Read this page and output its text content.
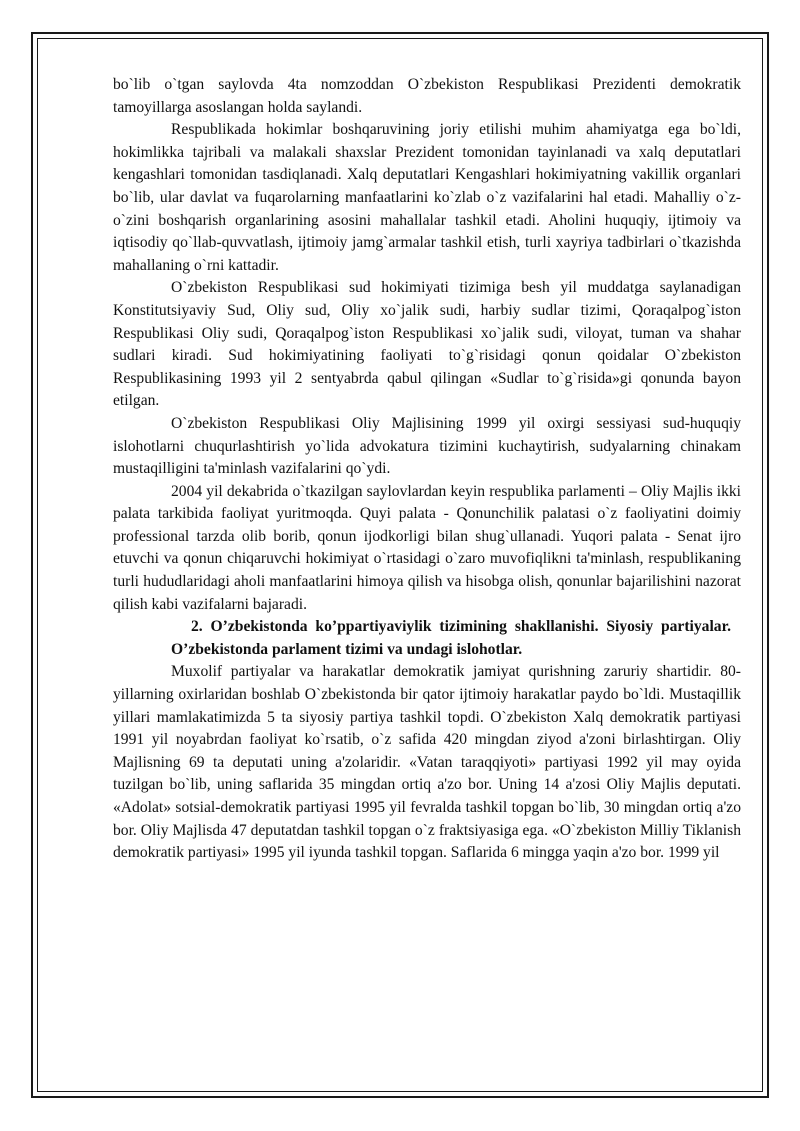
bo`lib o`tgan saylovda 4ta nomzoddan O`zbekiston Respublikasi Prezidenti demokratik tamoyillarga asoslangan holda saylandi.

Respublikada hokimlar boshqaruvining joriy etilishi muhim ahamiyatga ega bo`ldi, hokimlikka tajribali va malakali shaxslar Prezident tomonidan tayinlanadi va xalq deputatlari kengashlari tomonidan tasdiqlanadi. Xalq deputatlari Kengashlari hokimiyatning vakillik organlari bo`lib, ular davlat va fuqarolarning manfaatlarini ko`zlab o`z vazifalarini hal etadi. Mahalliy o`z-o`zini boshqarish organlarining asosini mahallalar tashkil etadi. Aholini huquqiy, ijtimoiy va iqtisodiy qo`llab-quvvatlash, ijtimoiy jamg`armalar tashkil etish, turli xayriya tadbirlari o`tkazishda mahallaning o`rni kattadir.

O`zbekiston Respublikasi sud hokimiyati tizimiga besh yil muddatga saylanadigan Konstitutsiyaviy Sud, Oliy sud, Oliy xo`jalik sudi, harbiy sudlar tizimi, Qoraqalpog`iston Respublikasi Oliy sudi, Qoraqalpog`iston Respublikasi xo`jalik sudi, viloyat, tuman va shahar sudlari kiradi. Sud hokimiyatining faoliyati to`g`risidagi qonun qoidalar O`zbekiston Respublikasining 1993 yil 2 sentyabrda qabul qilingan «Sudlar to`g`risida»gi qonunda bayon etilgan.

O`zbekiston Respublikasi Oliy Majlisining 1999 yil oxirgi sessiyasi sud-huquqiy islohotlarni chuqurlashtirish yo`lida advokatura tizimini kuchaytirish, sudyalarning chinakam mustaqilligini ta'minlash vazifalarini qo`ydi.

2004 yil dekabrida o`tkazilgan saylovlardan keyin respublika parlamenti – Oliy Majlis ikki palata tarkibida faoliyat yuritmoqda. Quyi palata - Qonunchilik palatasi o`z faoliyatini doimiy professional tarzda olib borib, qonun ijodkorligi bilan shug`ullanadi. Yuqori palata - Senat ijro etuvchi va qonun chiqaruvchi hokimiyat o`rtasidagi o`zaro muvofiqlikni ta'minlash, respublikaning turli hududlaridagi aholi manfaatlarini himoya qilish va hisobga olish, qonunlar bajarilishini nazorat qilish kabi vazifalarni bajaradi.

2. O’zbekistonda ko’ppartiyaviylik tizimining shakllanishi. Siyosiy partiyalar. O’zbekistonda parlament tizimi va undagi islohotlar.

Muxolif partiyalar va harakatlar demokratik jamiyat qurishning zaruriy shartidir. 80-yillarning oxirlaridan boshlab O`zbekistonda bir qator ijtimoiy harakatlar paydo bo`ldi. Mustaqillik yillari mamlakatimizda 5 ta siyosiy partiya tashkil topdi. O`zbekiston Xalq demokratik partiyasi 1991 yil noyabrdan faoliyat ko`rsatib, o`z safida 420 mingdan ziyod a'zoni birlashtirgan. Oliy Majlisning 69 ta deputati uning a'zolaridir. «Vatan taraqqiyoti» partiyasi 1992 yil may oyida tuzilgan bo`lib, uning saflarida 35 mingdan ortiq a'zo bor. Uning 14 a'zosi Oliy Majlis deputati. «Adolat» sotsial-demokratik partiyasi 1995 yil fevralda tashkil topgan bo`lib, 30 mingdan ortiq a'zo bor. Oliy Majlisda 47 deputatdan tashkil topgan o`z fraktsiyasiga ega. «O`zbekiston Milliy Tiklanish demokratik partiyasi» 1995 yil iyunda tashkil topgan. Saflarida 6 mingga yaqin a'zo bor. 1999 yil
